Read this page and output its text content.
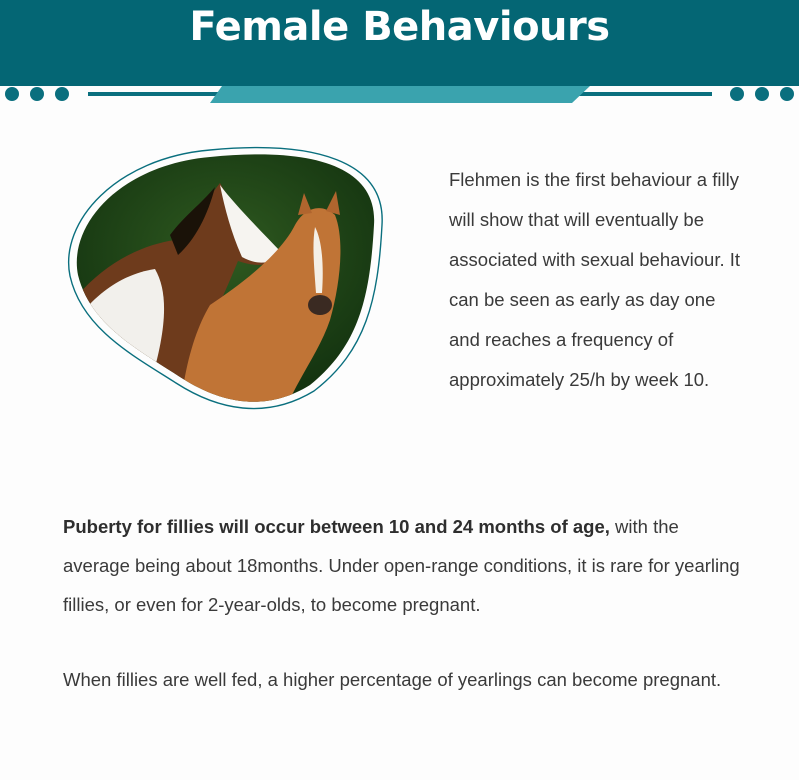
Female Behaviours
Flehmen is the first behaviour a filly will show that will eventually be associated with sexual behaviour. It can be seen as early as day one and reaches a frequency of approximately 25/h by week 10.

Puberty for fillies will occur between 10 and 24 months of age, with the average being about 18months. Under open-range conditions, it is rare for yearling fillies, or even for 2-year-olds, to become pregnant.

When fillies are well fed, a higher percentage of yearlings can become pregnant.
